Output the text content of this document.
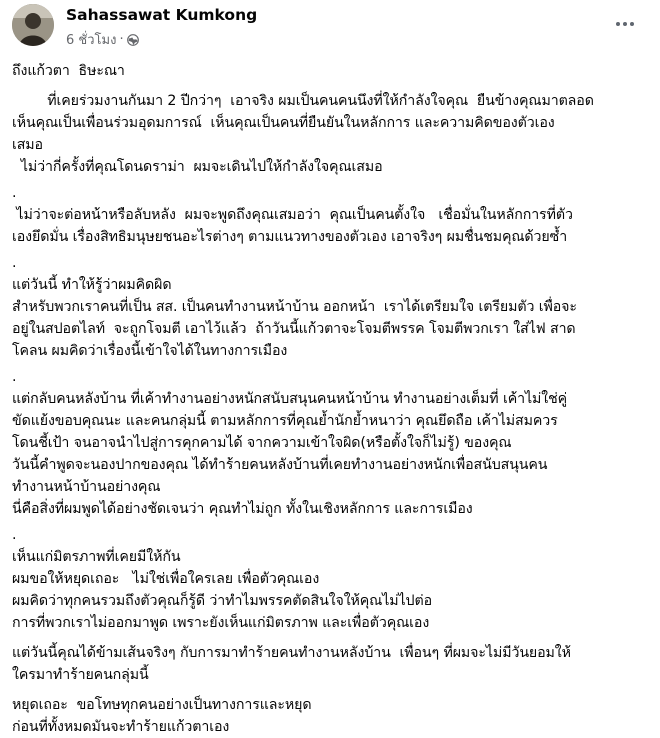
Sahassawat Kumkong
6 ชั่วโมง ·

ถึงแก้วตา  ธิษะณา

ที่เคยร่วมงานกันมา 2 ปีกว่าๆ  เอาจริง ผมเป็นคนคนนึงที่ให้กำลังใจคุณ  ยืนข้างคุณมาตลอด
เห็นคุณเป็นเพื่อนร่วมอุดมการณ์  เห็นคุณเป็นคนที่ยืนยันในหลักการ และความคิดของตัวเอง
เสมอ
ไม่ว่ากี่ครั้งที่คุณโดนดราม่า  ผมจะเดินไปให้กำลังใจคุณเสมอ

.
ไม่ว่าจะต่อหน้าหรือลับหลัง  ผมจะพูดถึงคุณเสมอว่า  คุณเป็นคนตั้งใจ   เชื่อมั่นในหลักการที่ตัว
เองยึดมั่น เรื่องสิทธิมนุษยชนอะไรต่างๆ ตามแนวทางของตัวเอง เอาจริงๆ ผมชื่นชมคุณด้วยซ้ำ

.
แต่วันนี้ ทำให้รู้ว่าผมคิดผิด
สำหรับพวกเราคนที่เป็น สส. เป็นคนทำงานหน้าบ้าน ออกหน้า  เราได้เตรียมใจ เตรียมตัว เพื่อจะ
อยู่ในสปอตไลท์  จะถูกโจมตี เอาไว้แล้ว  ถ้าวันนี้แก้วตาจะโจมตีพรรค โจมตีพวกเรา ใส่ไฟ สาด
โคลน ผมคิดว่าเรื่องนี้เข้าใจได้ในทางการเมือง

.
แต่กลับคนหลังบ้าน ที่เค้าทำงานอย่างหนักสนับสนุนคนหน้าบ้าน ทำงานอย่างเต็มที่ เค้าไม่ใช่คู่
ขัดแย้งขอบคุณนะ และคนกลุ่มนี้ ตามหลักการที่คุณย้ำนักย้ำหนาว่า คุณยึดถือ เค้าไม่สมควร
โดนชี้เป้า จนอาจนำไปสู่การคุกคามได้ จากความเข้าใจผิด(หรือตั้งใจก็ไม่รู้) ของคุณ
วันนี้คำพูดจะนองปากของคุณ ได้ทำร้ายคนหลังบ้านที่เคยทำงานอย่างหนักเพื่อสนับสนุนคน
ทำงานหน้าบ้านอย่างคุณ
นี่คือสิ่งที่ผมพูดได้อย่างชัดเจนว่า คุณทำไม่ถูก ทั้งในเชิงหลักการ และการเมือง

.
เห็นแก่มิตรภาพที่เคยมีให้กัน
ผมขอให้หยุดเถอะ   ไม่ใช่เพื่อใครเลย เพื่อตัวคุณเอง
ผมคิดว่าทุกคนรวมถึงตัวคุณก็รู้ดี ว่าทำไมพรรคตัดสินใจให้คุณไม่ไปต่อ
การที่พวกเราไม่ออกมาพูด เพราะยังเห็นแก่มิตรภาพ และเพื่อตัวคุณเอง

แต่วันนี้คุณได้ข้ามเส้นจริงๆ กับการมาทำร้ายคนทำงานหลังบ้าน  เพื่อนๆ ที่ผมจะไม่มีวันยอมให้
ใครมาทำร้ายคนกลุ่มนี้

หยุดเถอะ  ขอโทษทุกคนอย่างเป็นทางการและหยุด
ก่อนที่ทั้งหมดมันจะทำร้ายแก้วตาเอง
